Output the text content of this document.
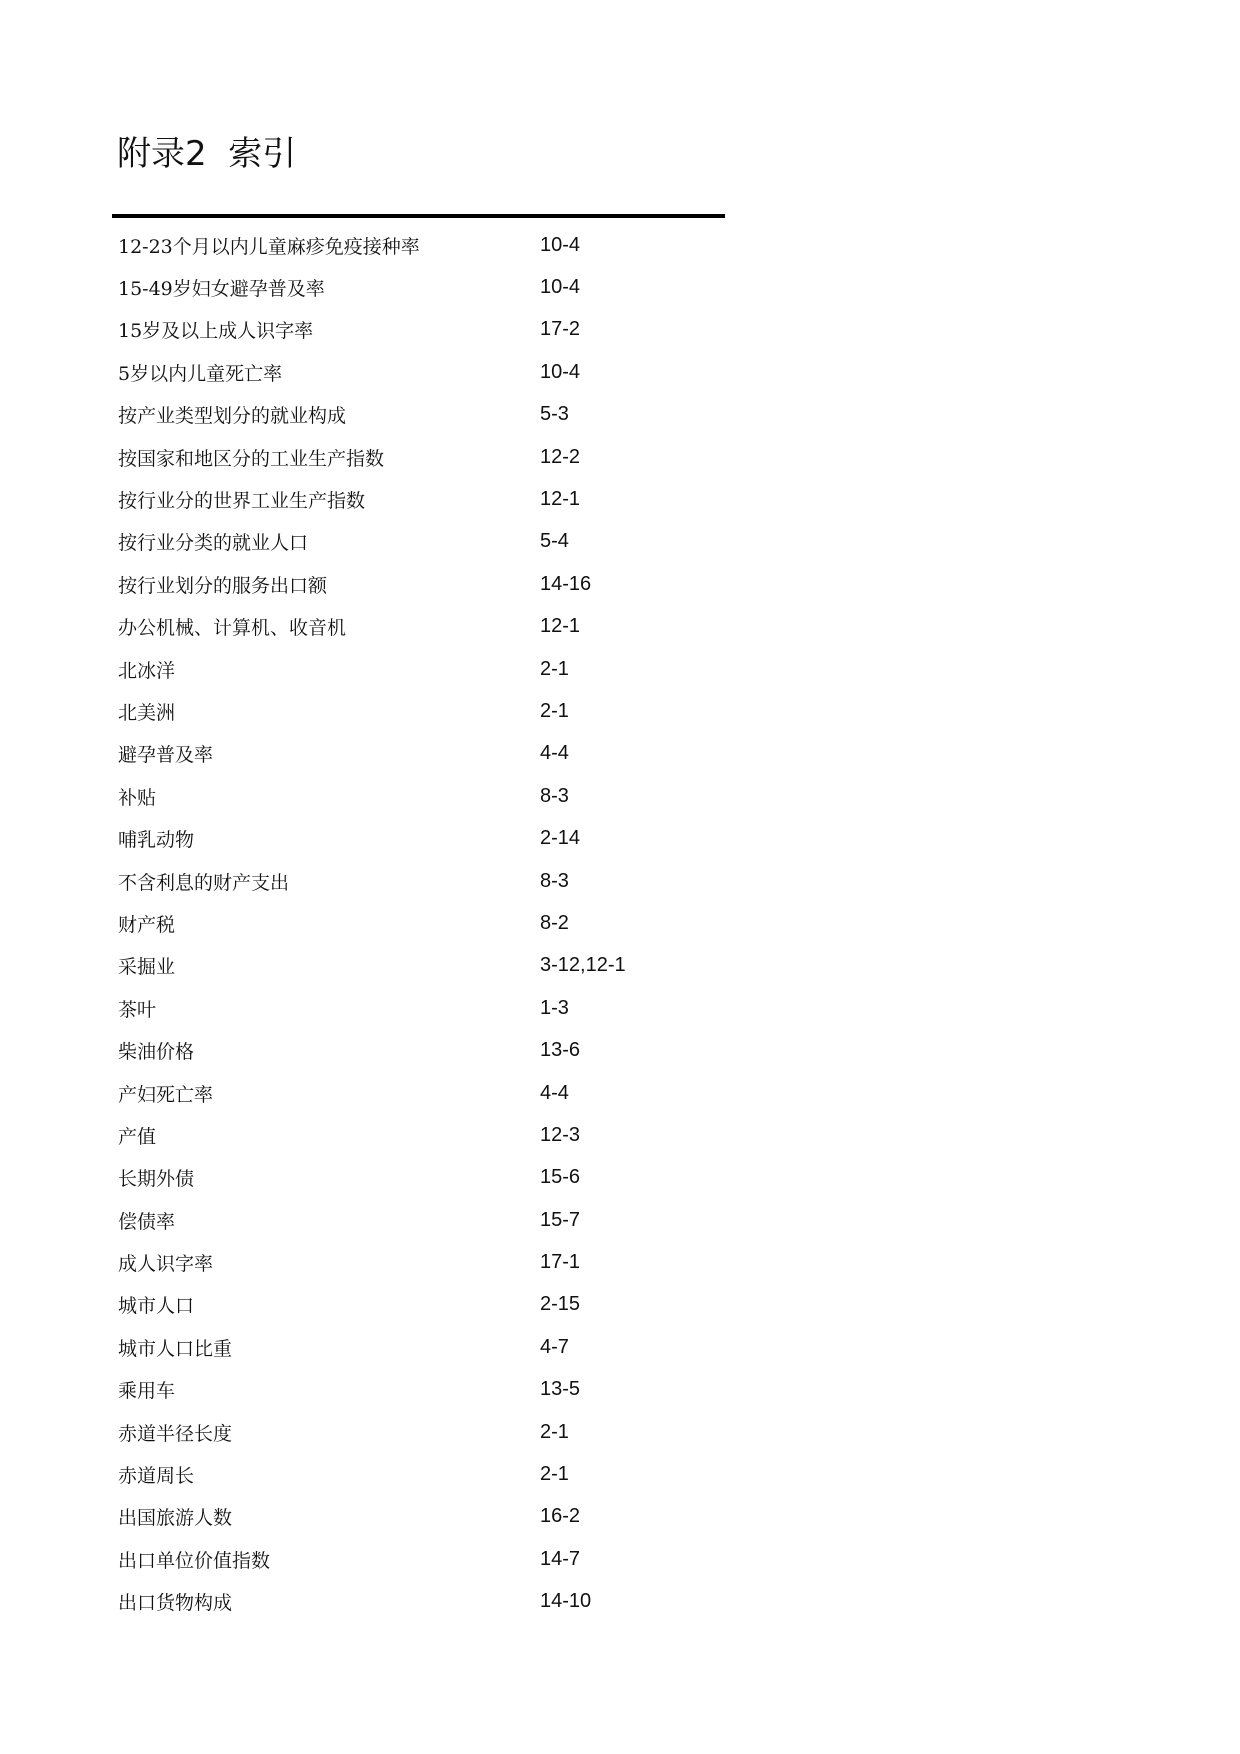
附录2  索引
12-23个月以内儿童麻疹免疫接种率	10-4
15-49岁妇女避孕普及率	10-4
15岁及以上成人识字率	17-2
5岁以内儿童死亡率	10-4
按产业类型划分的就业构成	5-3
按国家和地区分的工业生产指数	12-2
按行业分的世界工业生产指数	12-1
按行业分类的就业人口	5-4
按行业划分的服务出口额	14-16
办公机械、计算机、收音机	12-1
北冰洋	2-1
北美洲	2-1
避孕普及率	4-4
补贴	8-3
哺乳动物	2-14
不含利息的财产支出	8-3
财产税	8-2
采掘业	3-12,12-1
茶叶	1-3
柴油价格	13-6
产妇死亡率	4-4
产值	12-3
长期外债	15-6
偿债率	15-7
成人识字率	17-1
城市人口	2-15
城市人口比重	4-7
乘用车	13-5
赤道半径长度	2-1
赤道周长	2-1
出国旅游人数	16-2
出口单位价值指数	14-7
出口货物构成	14-10
